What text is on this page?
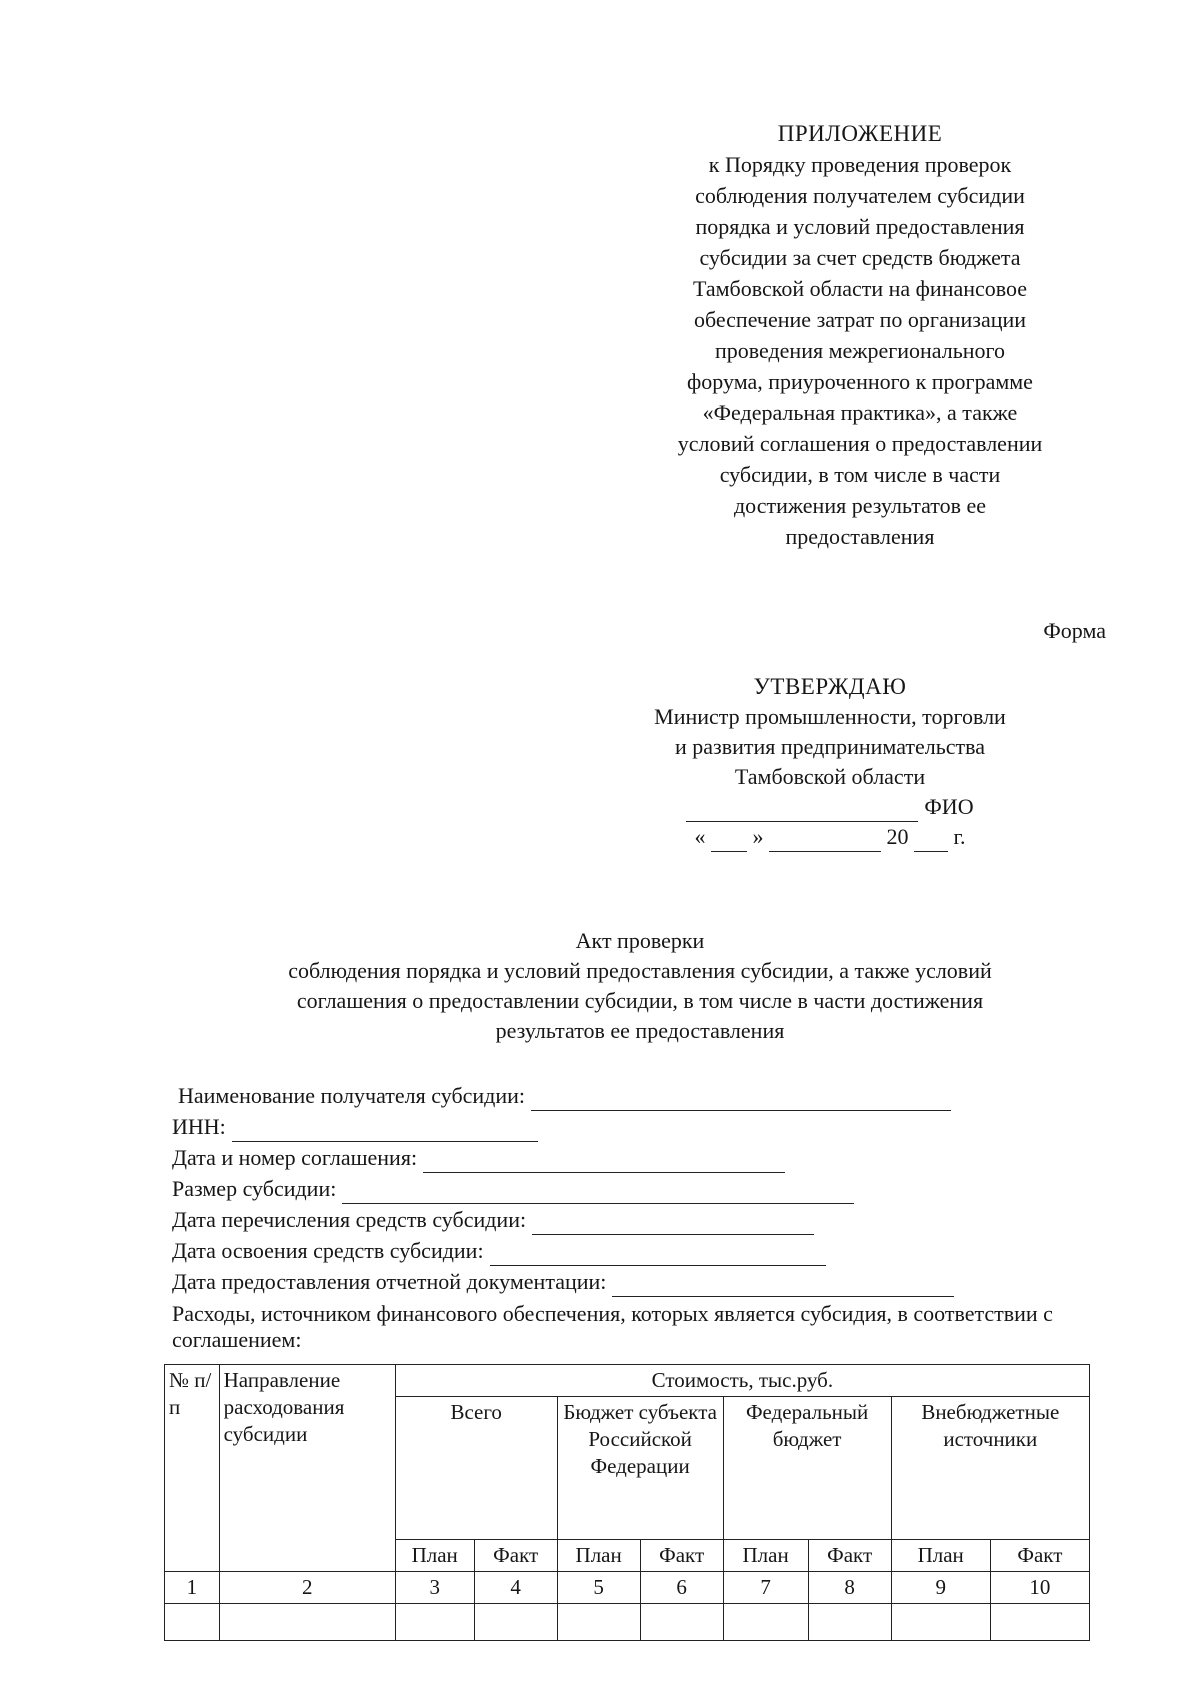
ПРИЛОЖЕНИЕ
к Порядку проведения проверок
соблюдения получателем субсидии
порядка и условий предоставления
субсидии за счет средств бюджета
Тамбовской области на финансовое
обеспечение затрат по организации
проведения межрегионального
форума, приуроченного к программе
«Федеральная практика», а также
условий соглашения о предоставлении
субсидии, в том числе в части
достижения результатов ее
предоставления
Форма
УТВЕРЖДАЮ
Министр промышленности, торговли
и развития предпринимательства
Тамбовской области
ФИО
« »	20 г.
Акт проверки
соблюдения порядка и условий предоставления субсидии, а также условий
соглашения о предоставлении субсидии, в том числе в части достижения
результатов ее предоставления
Наименование получателя субсидии:
ИНН:
Дата и номер соглашения:
Размер субсидии:
Дата перечисления средств субсидии:
Дата освоения средств субсидии:
Дата предоставления отчетной документации:
Расходы, источником финансового обеспечения, которых является субсидия, в соответствии с соглашением:
№ п/п	Направление расходования субсидии	Стоимость, тыс.руб.							
		Всего		Бюджет субъекта Российской Федерации		Федеральный бюджет		Внебюджетные источники	
		План	Факт	План	Факт	План	Факт	План	Факт
1	2	3	4	5	6	7	8	9	10
